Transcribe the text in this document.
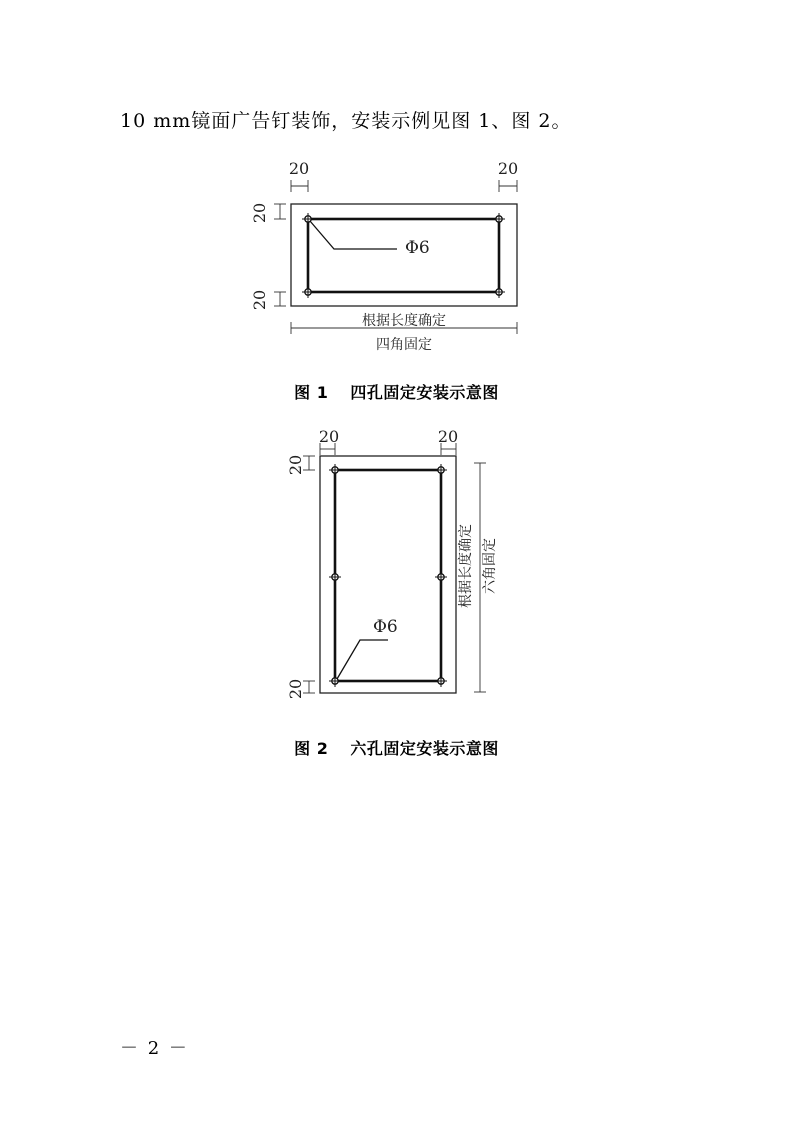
10 mm镜面广告钉装饰，安装示例见图 1、图 2。
Φ6
20	20
20
20
根据长度确定
四角固定
图 1 四孔固定安装示意图
Φ6
20	20
20
20
根据长度确定 六角固定
图 2 六孔固定安装示意图
－ 2 －
